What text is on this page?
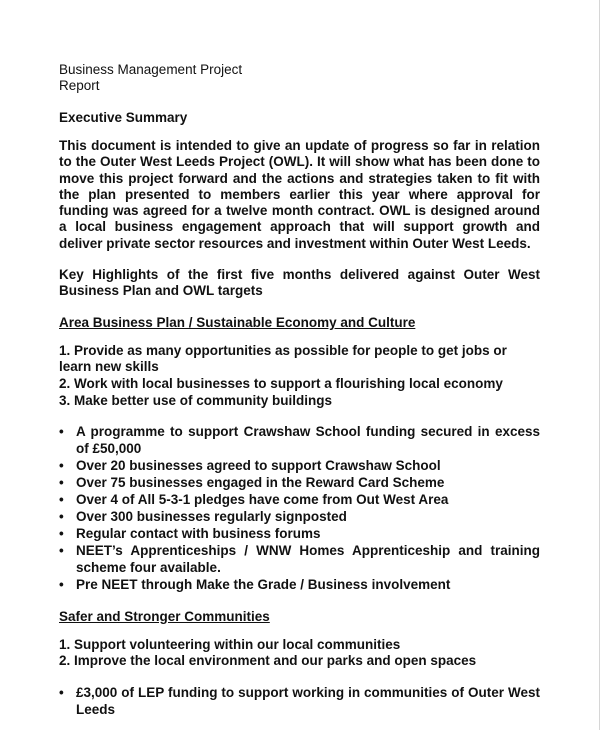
Business Management Project
Report
Executive Summary

This document is intended to give an update of progress so far in relation to the Outer West Leeds Project (OWL). It will show what has been done to move this project forward and the actions and strategies taken to fit with the plan presented to members earlier this year where approval for funding was agreed for a twelve month contract. OWL is designed around a local business engagement approach that will support growth and deliver private sector resources and investment within Outer West Leeds.

Key Highlights of the first five months delivered against Outer West Business Plan and OWL targets

Area Business Plan / Sustainable Economy and Culture
1. Provide as many opportunities as possible for people to get jobs or learn new skills
2. Work with local businesses to support a flourishing local economy
3. Make better use of community buildings
• A programme to support Crawshaw School funding secured in excess of £50,000
• Over 20 businesses agreed to support Crawshaw School
• Over 75 businesses engaged in the Reward Card Scheme
• Over 4 of All 5-3-1 pledges have come from Out West Area
• Over 300 businesses regularly signposted
• Regular contact with business forums
• NEET’s Apprenticeships / WNW Homes Apprenticeship and training scheme four available.
• Pre NEET through Make the Grade / Business involvement
Safer and Stronger Communities
1. Support volunteering within our local communities
2. Improve the local environment and our parks and open spaces
• £3,000 of LEP funding to support working in communities of Outer West Leeds
